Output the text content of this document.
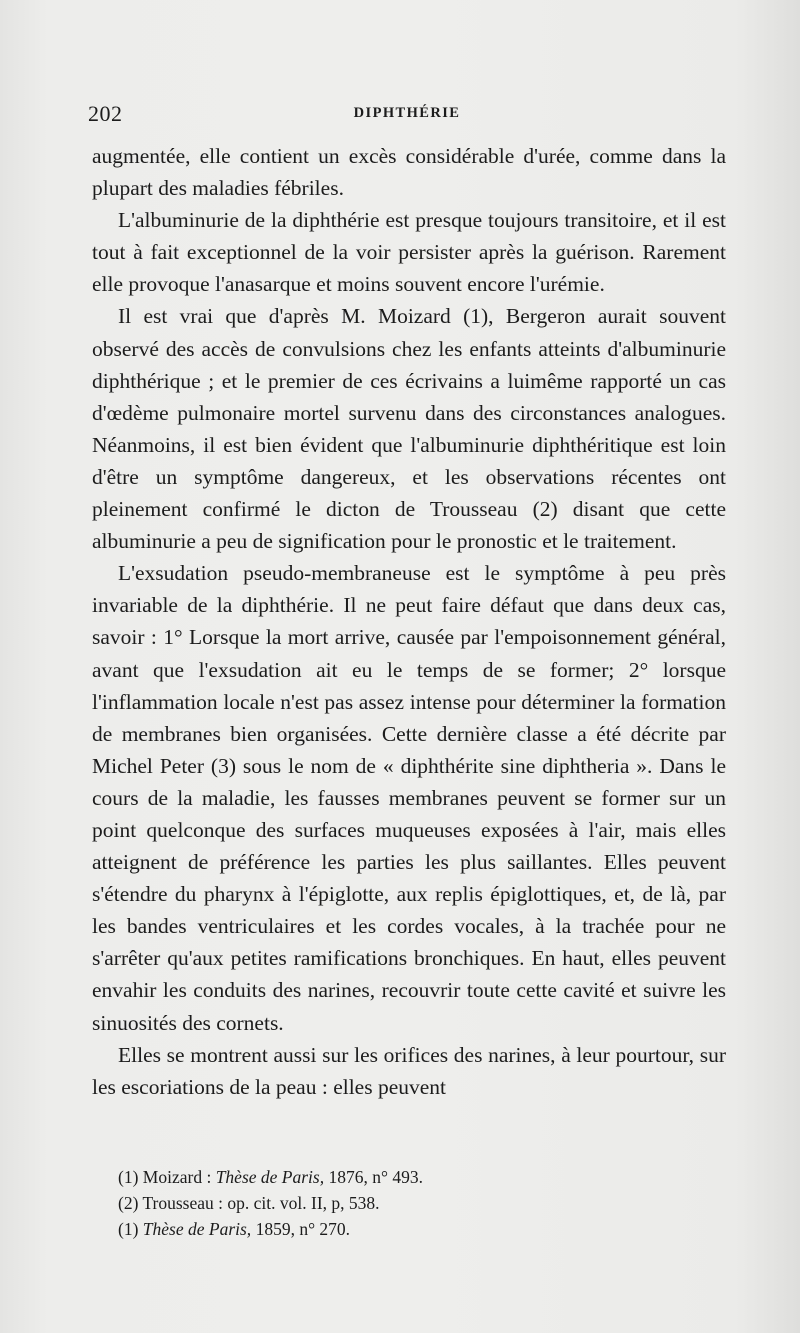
202	DIPHTHÉRIE

augmentée, elle contient un excès considérable d'urée, comme dans la plupart des maladies fébriles.

L'albuminurie de la diphthérie est presque toujours transitoire, et il est tout à fait exceptionnel de la voir persister après la guérison. Rarement elle provoque l'anasarque et moins souvent encore l'urémie.

Il est vrai que d'après M. Moizard (1), Bergeron aurait souvent observé des accès de convulsions chez les enfants atteints d'albuminurie diphthérique ; et le premier de ces écrivains a luimême rapporté un cas d'œdème pulmonaire mortel survenu dans des circonstances analogues. Néanmoins, il est bien évident que l'albuminurie diphthéritique est loin d'être un symptôme dangereux, et les observations récentes ont pleinement confirmé le dicton de Trousseau (2) disant que cette albuminurie a peu de signification pour le pronostic et le traitement.

L'exsudation pseudo-membraneuse est le symptôme à peu près invariable de la diphthérie. Il ne peut faire défaut que dans deux cas, savoir : 1° Lorsque la mort arrive, causée par l'empoisonnement général, avant que l'exsudation ait eu le temps de se former; 2° lorsque l'inflammation locale n'est pas assez intense pour déterminer la formation de membranes bien organisées. Cette dernière classe a été décrite par Michel Peter (3) sous le nom de « diphthérite sine diphtheria ». Dans le cours de la maladie, les fausses membranes peuvent se former sur un point quelconque des surfaces muqueuses exposées à l'air, mais elles atteignent de préférence les parties les plus saillantes. Elles peuvent s'étendre du pharynx à l'épiglotte, aux replis épiglottiques, et, de là, par les bandes ventriculaires et les cordes vocales, à la trachée pour ne s'arrêter qu'aux petites ramifications bronchiques. En haut, elles peuvent envahir les conduits des narines, recouvrir toute cette cavité et suivre les sinuosités des cornets.

Elles se montrent aussi sur les orifices des narines, à leur pourtour, sur les escoriations de la peau : elles peuvent

(1) Moizard : Thèse de Paris, 1876, n° 493.
(2) Trousseau : op. cit. vol. II, p, 538.
(1) Thèse de Paris, 1859, n° 270.
